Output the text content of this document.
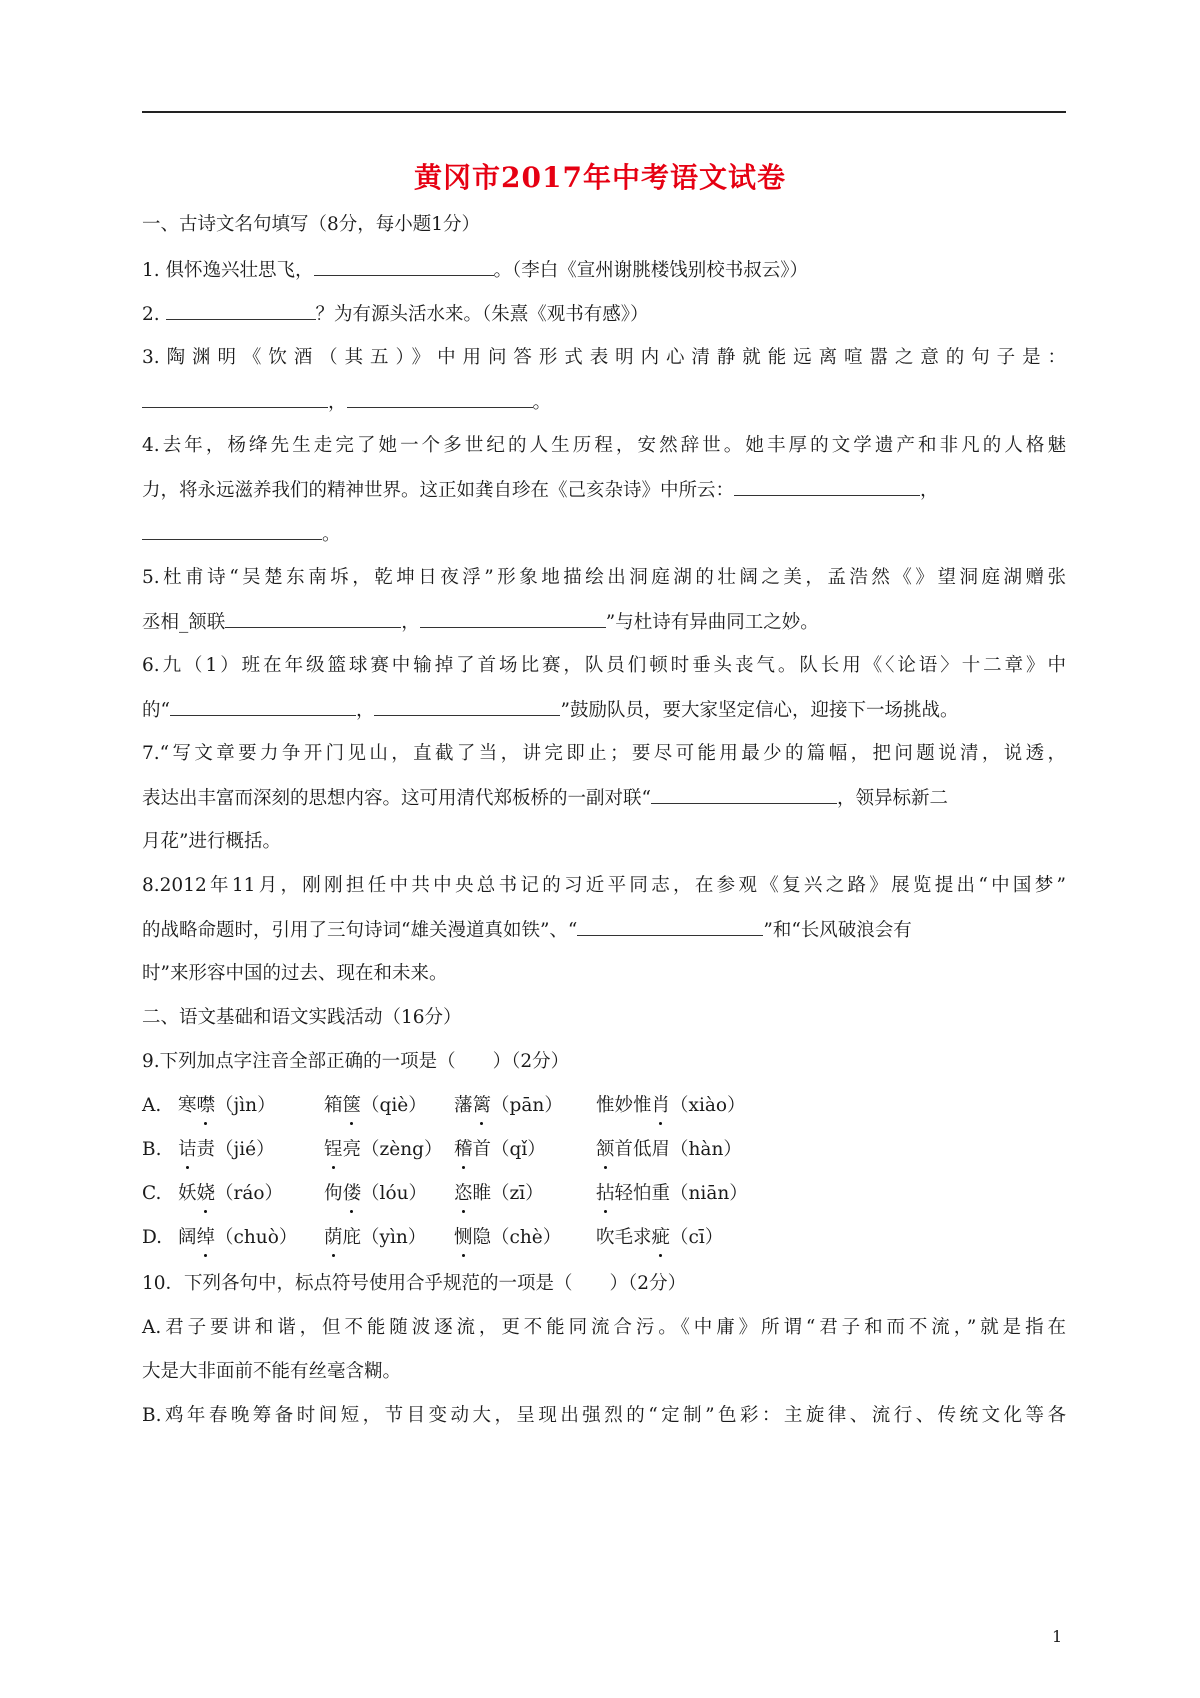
黄冈市2017年中考语文试卷
一、古诗文名句填写（8分，每小题1分）
1. 俱怀逸兴壮思飞，	。（李白《宣州谢朓楼饯别校书叔云》）
2.	？为有源头活水来。（朱熹《观书有感》）
3.陶渊明《饮酒（其五）》中用问答形式表明内心清静就能远离喧嚣之意的句子是：
，	。
4.去年，杨绛先生走完了她一个多世纪的人生历程，安然辞世。她丰厚的文学遗产和非凡的人格魅
力，将永远滋养我们的精神世界。这正如龚自珍在《己亥杂诗》中所云：	，
。
5.杜甫诗“吴楚东南坼，乾坤日夜浮”形象地描绘出洞庭湖的壮阔之美，孟浩然《》望洞庭湖赠张
丞相_颔联	，	”与杜诗有异曲同工之妙。
6.九（1）班在年级篮球赛中输掉了首场比赛，队员们顿时垂头丧气。队长用《〈论语〉十二章》中
的“	，	”鼓励队员，要大家坚定信心，迎接下一场挑战。
7.“写文章要力争开门见山，直截了当，讲完即止；要尽可能用最少的篇幅，把问题说清，说透，
表达出丰富而深刻的思想内容。这可用清代郑板桥的一副对联“	，领异标新二
月花”进行概括。
8.2012年11月，刚刚担任中共中央总书记的习近平同志，在参观《复兴之路》展览提出“中国梦”
的战略命题时，引用了三句诗词“雄关漫道真如铁”、“	”和“长风破浪会有
时”来形容中国的过去、现在和未来。
二、语文基础和语文实践活动（16分）
9.下列加点字注音全部正确的一项是（　　）（2分）
A. 寒噤（jìn）	箱箧（qiè） 藩篱（pān） 惟妙惟肖（xiào）
B. 诘责（jié）	锃亮（zèng） 稽首（qǐ）	颔首低眉（hàn）
C. 妖娆（ráo） 佝偻（lóu） 恣睢（zī）	拈轻怕重（niān）
D. 阔绰（chuò） 荫庇（yìn） 恻隐（chè） 吹毛求疵（cī）
10．下列各句中，标点符号使用合乎规范的一项是（　　）（2分）
A.君子要讲和谐，但不能随波逐流，更不能同流合污。《中庸》所谓“君子和而不流，”就是指在
大是大非面前不能有丝毫含糊。
B.鸡年春晚筹备时间短，节目变动大，呈现出强烈的“定制”色彩：主旋律、流行、传统文化等各
1
